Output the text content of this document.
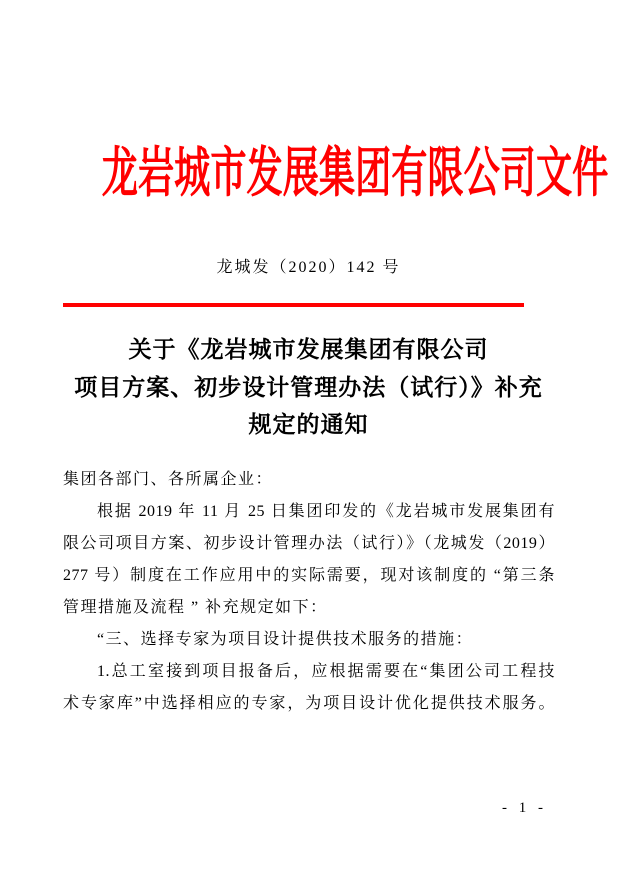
龙岩城市发展集团有限公司文件
龙城发（2020）142 号
关于《龙岩城市发展集团有限公司
项目方案、初步设计管理办法（试行）》补充
规定的通知
集团各部门、各所属企业：
根据 2019 年 11 月 25 日集团印发的《龙岩城市发展集团有
限公司项目方案、初步设计管理办法（试行）》（龙城发（2019）
277 号）制度在工作应用中的实际需要，现对该制度的 “第三条
管理措施及流程 ” 补充规定如下：
“三、选择专家为项目设计提供技术服务的措施：
1.总工室接到项目报备后，应根据需要在“集团公司工程技
术专家库”中选择相应的专家，为项目设计优化提供技术服务。
- 1 -
